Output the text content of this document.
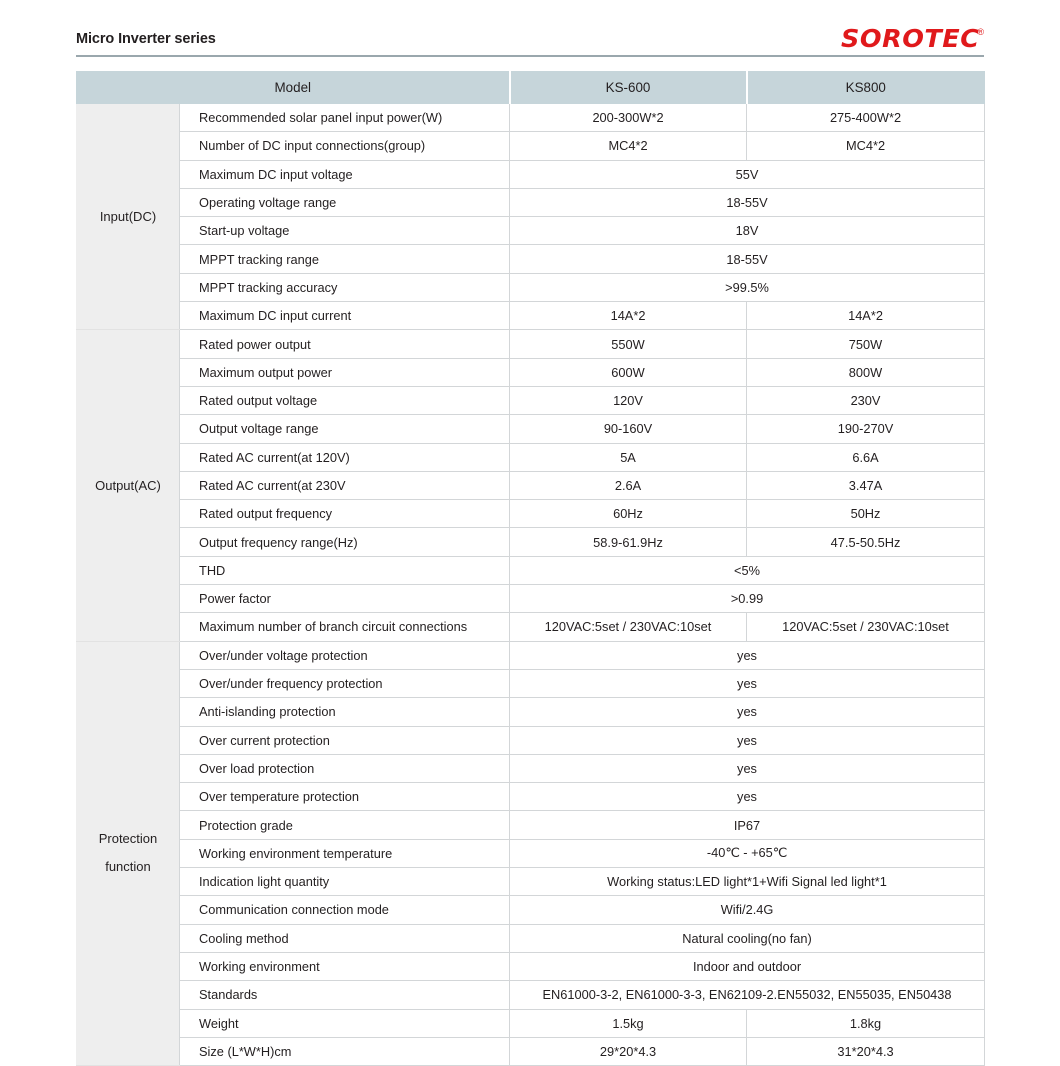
Micro Inverter series	SOROTEC
®
Model		KS-600	KS800
Input(DC)	Recommended solar panel input power(W)	200-300W*2	275-400W*2
	Number of DC input connections(group)	MC4*2	MC4*2
	Maximum DC input voltage	55V	
	Operating voltage range	18-55V	
	Start-up voltage	18V	
	MPPT tracking range	18-55V	
	MPPT tracking accuracy	>99.5%	
	Maximum DC input current	14A*2	14A*2
Output(AC)	Rated power output	550W	750W
	Maximum output power	600W	800W
	Rated output voltage	120V	230V
	Output voltage range	90-160V	190-270V
	Rated AC current(at 120V)	5A	6.6A
	Rated AC current(at 230V	2.6A	3.47A
	Rated output frequency	60Hz	50Hz
	Output frequency range(Hz)	58.9-61.9Hz	47.5-50.5Hz
	THD	<5%	
	Power factor	>0.99	
	Maximum number of branch circuit connections	120VAC:5set / 230VAC:10set	120VAC:5set / 230VAC:10set

Protection
function	Over/under voltage protection	yes	
	Over/under frequency protection	yes	
	Anti-islanding protection	yes	
	Over current protection	yes	
	Over load protection	yes	
	Over temperature protection	yes	
	Protection grade	IP67	
	Working environment temperature	-40℃ - +65℃	
	Indication light quantity	Working status:LED light*1+Wifi Signal led light*1	
	Communication connection mode	Wifi/2.4G	
	Cooling method	Natural cooling(no fan)	
	Working environment	Indoor and outdoor	
	Standards	EN61000-3-2, EN61000-3-3, EN62109-2.EN55032, EN55035, EN50438	
	Weight	1.5kg	1.8kg
	Size (L*W*H)cm	29*20*4.3	31*20*4.3
